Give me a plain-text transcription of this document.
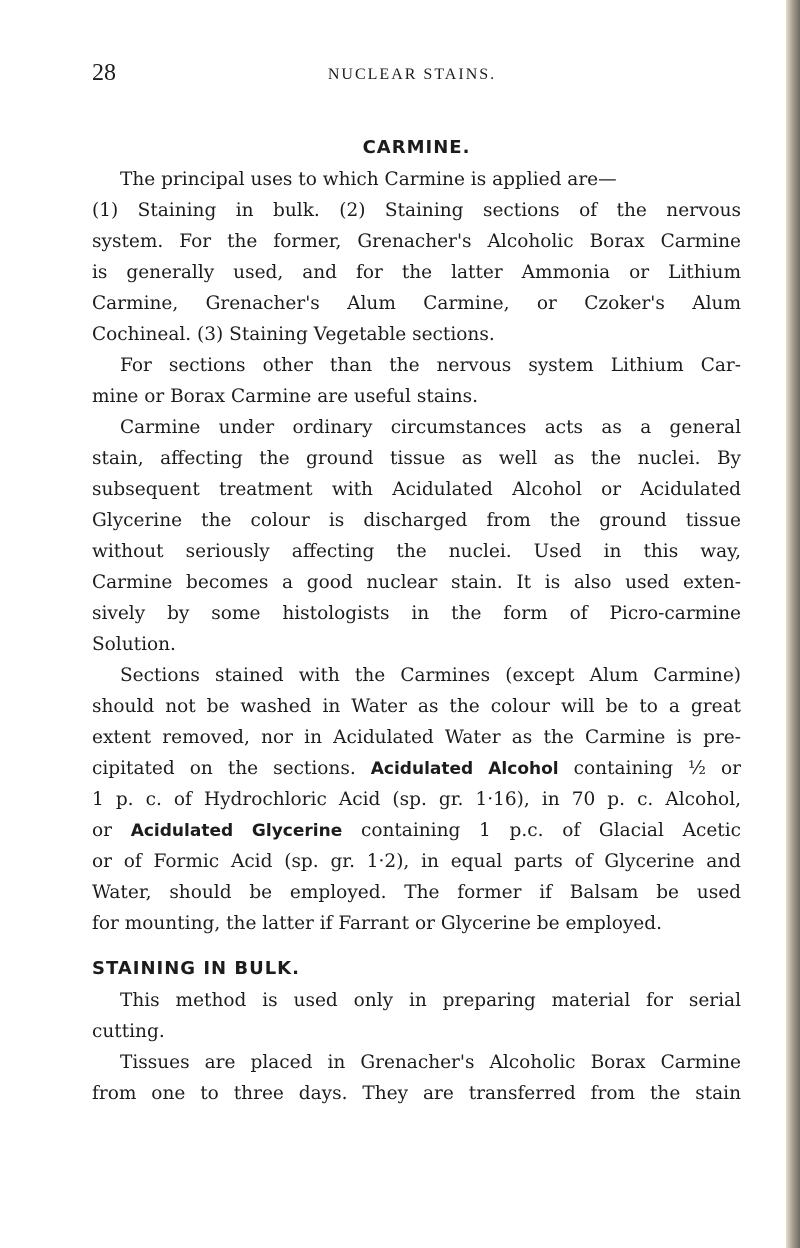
28	NUCLEAR STAINS.
CARMINE.
The principal uses to which Carmine is applied are—
(1) Staining in bulk. (2) Staining sections of the nervous
system. For the former, Grenacher's Alcoholic Borax Carmine
is generally used, and for the latter Ammonia or Lithium
Carmine, Grenacher's Alum Carmine, or Czoker's Alum
Cochineal. (3) Staining Vegetable sections.
For sections other than the nervous system Lithium Car-
mine or Borax Carmine are useful stains.
Carmine under ordinary circumstances acts as a general
stain, affecting the ground tissue as well as the nuclei. By
subsequent treatment with Acidulated Alcohol or Acidulated
Glycerine the colour is discharged from the ground tissue
without seriously affecting the nuclei. Used in this way,
Carmine becomes a good nuclear stain. It is also used exten-
sively by some histologists in the form of Picro-carmine
Solution.
Sections stained with the Carmines (except Alum Carmine)
should not be washed in Water as the colour will be to a great
extent removed, nor in Acidulated Water as the Carmine is pre-
cipitated on the sections. Acidulated Alcohol containing ½ or
1 p. c. of Hydrochloric Acid (sp. gr. 1·16), in 70 p. c. Alcohol,
or Acidulated Glycerine containing 1 p.c. of Glacial Acetic
or of Formic Acid (sp. gr. 1·2), in equal parts of Glycerine and
Water, should be employed. The former if Balsam be used
for mounting, the latter if Farrant or Glycerine be employed.
STAINING IN BULK.
This method is used only in preparing material for serial
cutting.
Tissues are placed in Grenacher's Alcoholic Borax Carmine
from one to three days. They are transferred from the stain
